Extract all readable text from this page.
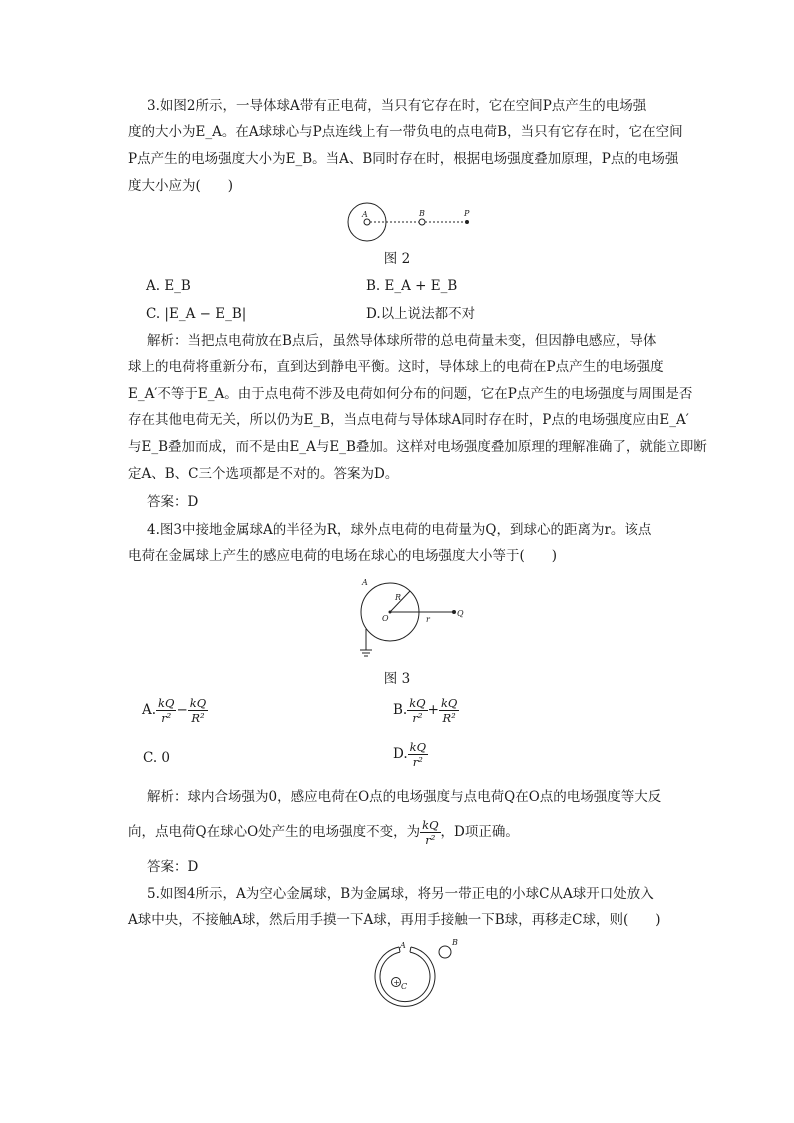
3.如图2所示，一导体球A带有正电荷，当只有它存在时，它在空间P点产生的电场强
度的大小为E_A。在A球球心与P点连线上有一带负电的点电荷B，当只有它存在时，它在空间
P点产生的电场强度大小为E_B。当A、B同时存在时，根据电场强度叠加原理，P点的电场强
度大小应为(　　)
A	B	P
图 2
A. E_B	B. E_A + E_B
C. |E_A − E_B|	D.以上说法都不对
解析：当把点电荷放在B点后，虽然导体球所带的总电荷量未变，但因静电感应，导体
球上的电荷将重新分布，直到达到静电平衡。这时，导体球上的电荷在P点产生的电场强度
E_A′不等于E_A。由于点电荷不涉及电荷如何分布的问题，它在P点产生的电场强度与周围是否
存在其他电荷无关，所以仍为E_B，当点电荷与导体球A同时存在时，P点的电场强度应由E_A′
与E_B叠加而成，而不是由E_A与E_B叠加。这样对电场强度叠加原理的理解准确了，就能立即断
定A、B、C三个选项都是不对的。答案为D。
答案：D
4.图3中接地金属球A的半径为R，球外点电荷的电荷量为Q，到球心的距离为r。该点
电荷在金属球上产生的感应电荷的电场在球心的电场强度大小等于(　　)
A
R
O	r
Q
图 3
A. $\frac{kQ}{\text{r²}} - \frac{kQ}{\text{R²}}$	B. $\frac{kQ}{\text{r²}} + \frac{kQ}{\text{R²}}$
C. 0	D. $\frac{kQ}{\text{r²}}$
解析：球内合场强为0，感应电荷在O点的电场强度与点电荷Q在O点的电场强度等大反
向，点电荷Q在球心O处产生的电场强度不变，为 $\frac{kQ}{\text{r²}}$ ，D项正确。
答案：D
5.如图4所示，A为空心金属球，B为金属球，将另一带正电的小球C从A球开口处放入
A球中央，不接触A球，然后用手摸一下A球，再用手接触一下B球，再移走C球，则(　　)
+ C
A	B
